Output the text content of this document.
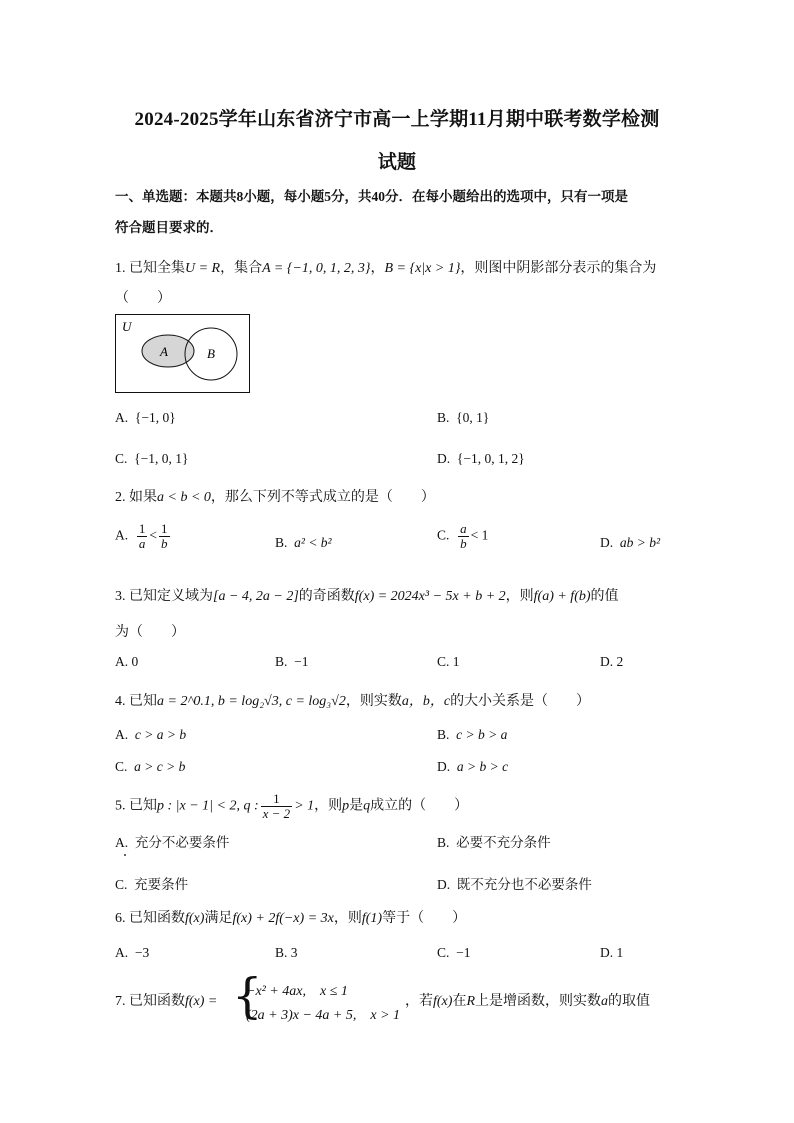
2024-2025学年山东省济宁市高一上学期11月期中联考数学检测
试题
一、单选题：本题共8小题，每小题5分，共40分．在每小题给出的选项中，只有一项是
符合题目要求的．
1. 已知全集U = R，集合A = {−1, 0, 1, 2, 3}，B = {x|x > 1}，则图中阴影部分表示的集合为
（　　）
U
A	B
A. {−1, 0}	B. {0, 1}
C. {−1, 0, 1}	D. {−1, 0, 1, 2}
2. 如果a < b < 0，那么下列不等式成立的是（　　）
A. $\frac{1}{a} < \frac{1}{b}$	B. a² < b²	C. $\frac{a}{b} < 1$	D. ab > b²
3. 已知定义域为[a − 4, 2a − 2]的奇函数f(x) = 2024x³ − 5x + b + 2，则f(a) + f(b)的值
为（　　）
A. 0	B. −1	C. 1	D. 2
4. 已知a = 2^0.1, b = log₂√3, c = log₃√2，则实数a，b，c的大小关系是（　　）
A. c > a > b	B. c > b > a
C. a > c > b	D. a > b > c
5. 已知p : |x − 1| < 2, q : $\frac{1}{x - 2} > 1$，则p是q成立的（　　）
A. 充分不必要条件	B. 必要不充分条件
C. 充要条件	D. 既不充分也不必要条件
6. 已知函数f(x)满足f(x) + 2f(−x) = 3x，则f(1)等于（　　）
A. −3	B. 3	C. −1	D. 1
7. 已知函数f(x) = {
−x² + 4ax,　x ≤ 1
(2a + 3)x − 4a + 5,　x > 1
，若f(x)在R上是增函数，则实数a的取值
